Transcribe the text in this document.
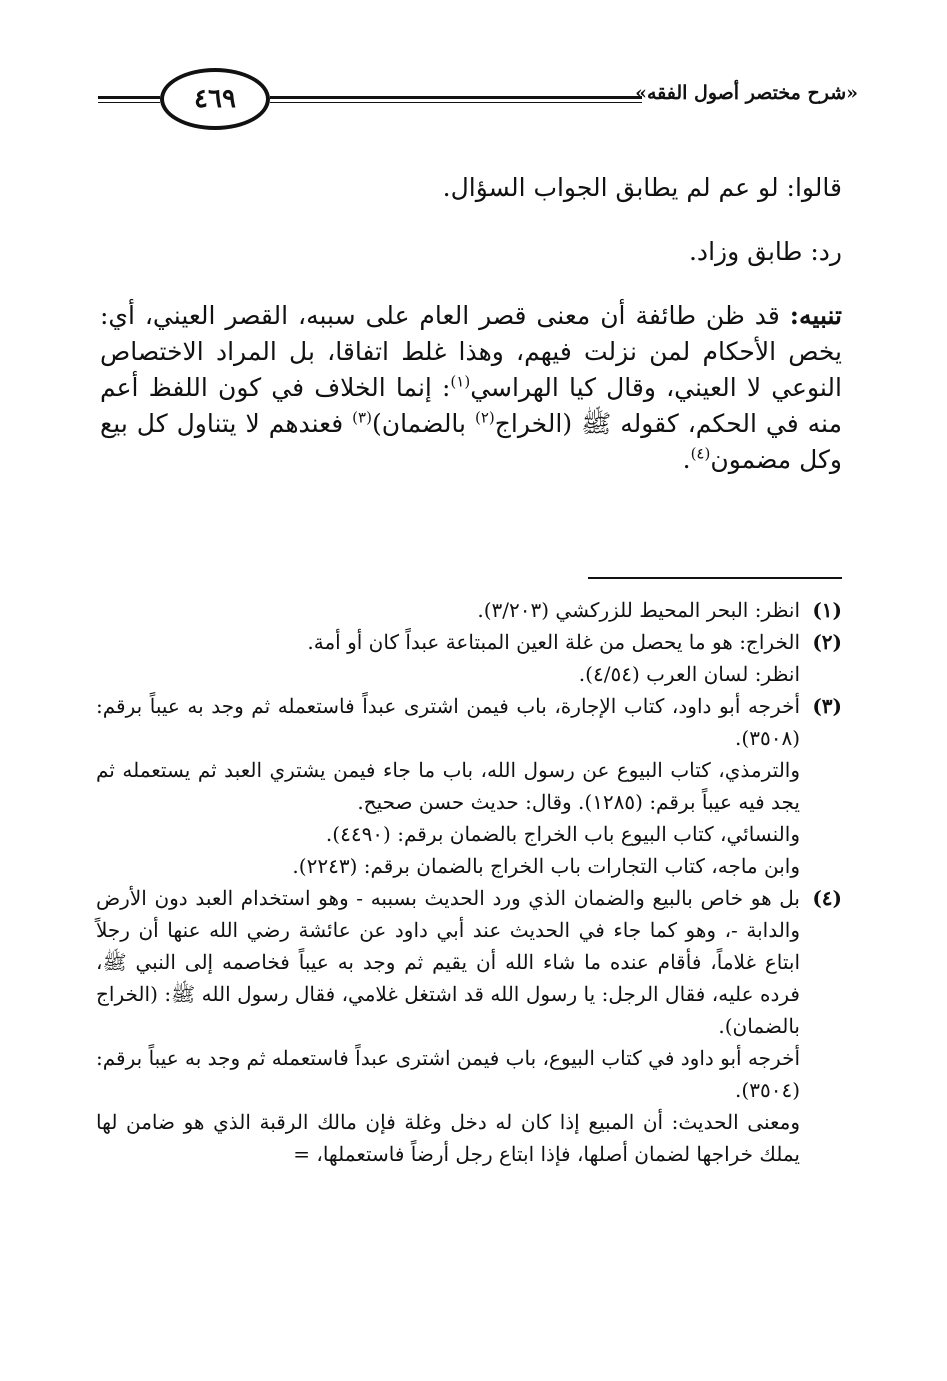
٤٦٩	«شرح مختصر أصول الفقه»

قالوا: لو عم لم يطابق الجواب السؤال.

رد: طابق وزاد.

تنبيه: قد ظن طائفة أن معنى قصر العام على سببه، القصر العيني، أي: يخص الأحكام لمن نزلت فيهم، وهذا غلط اتفاقا، بل المراد الاختصاص النوعي لا العيني، وقال كيا الهراسي$^{(١)}$: إنما الخلاف في كون اللفظ أعم منه في الحكم، كقوله ﷺ (الخراج$^{(٢)}$ بالضمان)$^{(٣)}$ فعندهم لا يتناول كل بيع وكل مضمون$^{(٤)}$.

(١)
انظر: البحر المحيط للزركشي (٣/٢٠٣).
(٢)
الخراج: هو ما يحصل من غلة العين المبتاعة عبداً كان أو أمة.
انظر: لسان العرب (٤/٥٤).
(٣)
أخرجه أبو داود، كتاب الإجارة، باب فيمن اشترى عبداً فاستعمله ثم وجد به عيباً برقم: (٣٥٠٨).
والترمذي، كتاب البيوع عن رسول الله، باب ما جاء فيمن يشتري العبد ثم يستعمله ثم يجد فيه عيباً برقم: (١٢٨٥). وقال: حديث حسن صحيح.
والنسائي، كتاب البيوع باب الخراج بالضمان برقم: (٤٤٩٠).
وابن ماجه، كتاب التجارات باب الخراج بالضمان برقم: (٢٢٤٣).
(٤)
بل هو خاص بالبيع والضمان الذي ورد الحديث بسببه - وهو استخدام العبد دون الأرض والدابة -، وهو كما جاء في الحديث عند أبي داود عن عائشة رضي الله عنها أن رجلاً ابتاع غلاماً، فأقام عنده ما شاء الله أن يقيم ثم وجد به عيباً فخاصمه إلى النبي ﷺ، فرده عليه، فقال الرجل: يا رسول الله قد اشتغل غلامي، فقال رسول الله ﷺ: (الخراج بالضمان).
أخرجه أبو داود في كتاب البيوع، باب فيمن اشترى عبداً فاستعمله ثم وجد به عيباً برقم: (٣٥٠٤).
ومعنى الحديث: أن المبيع إذا كان له دخل وغلة فإن مالك الرقبة الذي هو ضامن لها يملك خراجها لضمان أصلها، فإذا ابتاع رجل أرضاً فاستعملها، =
